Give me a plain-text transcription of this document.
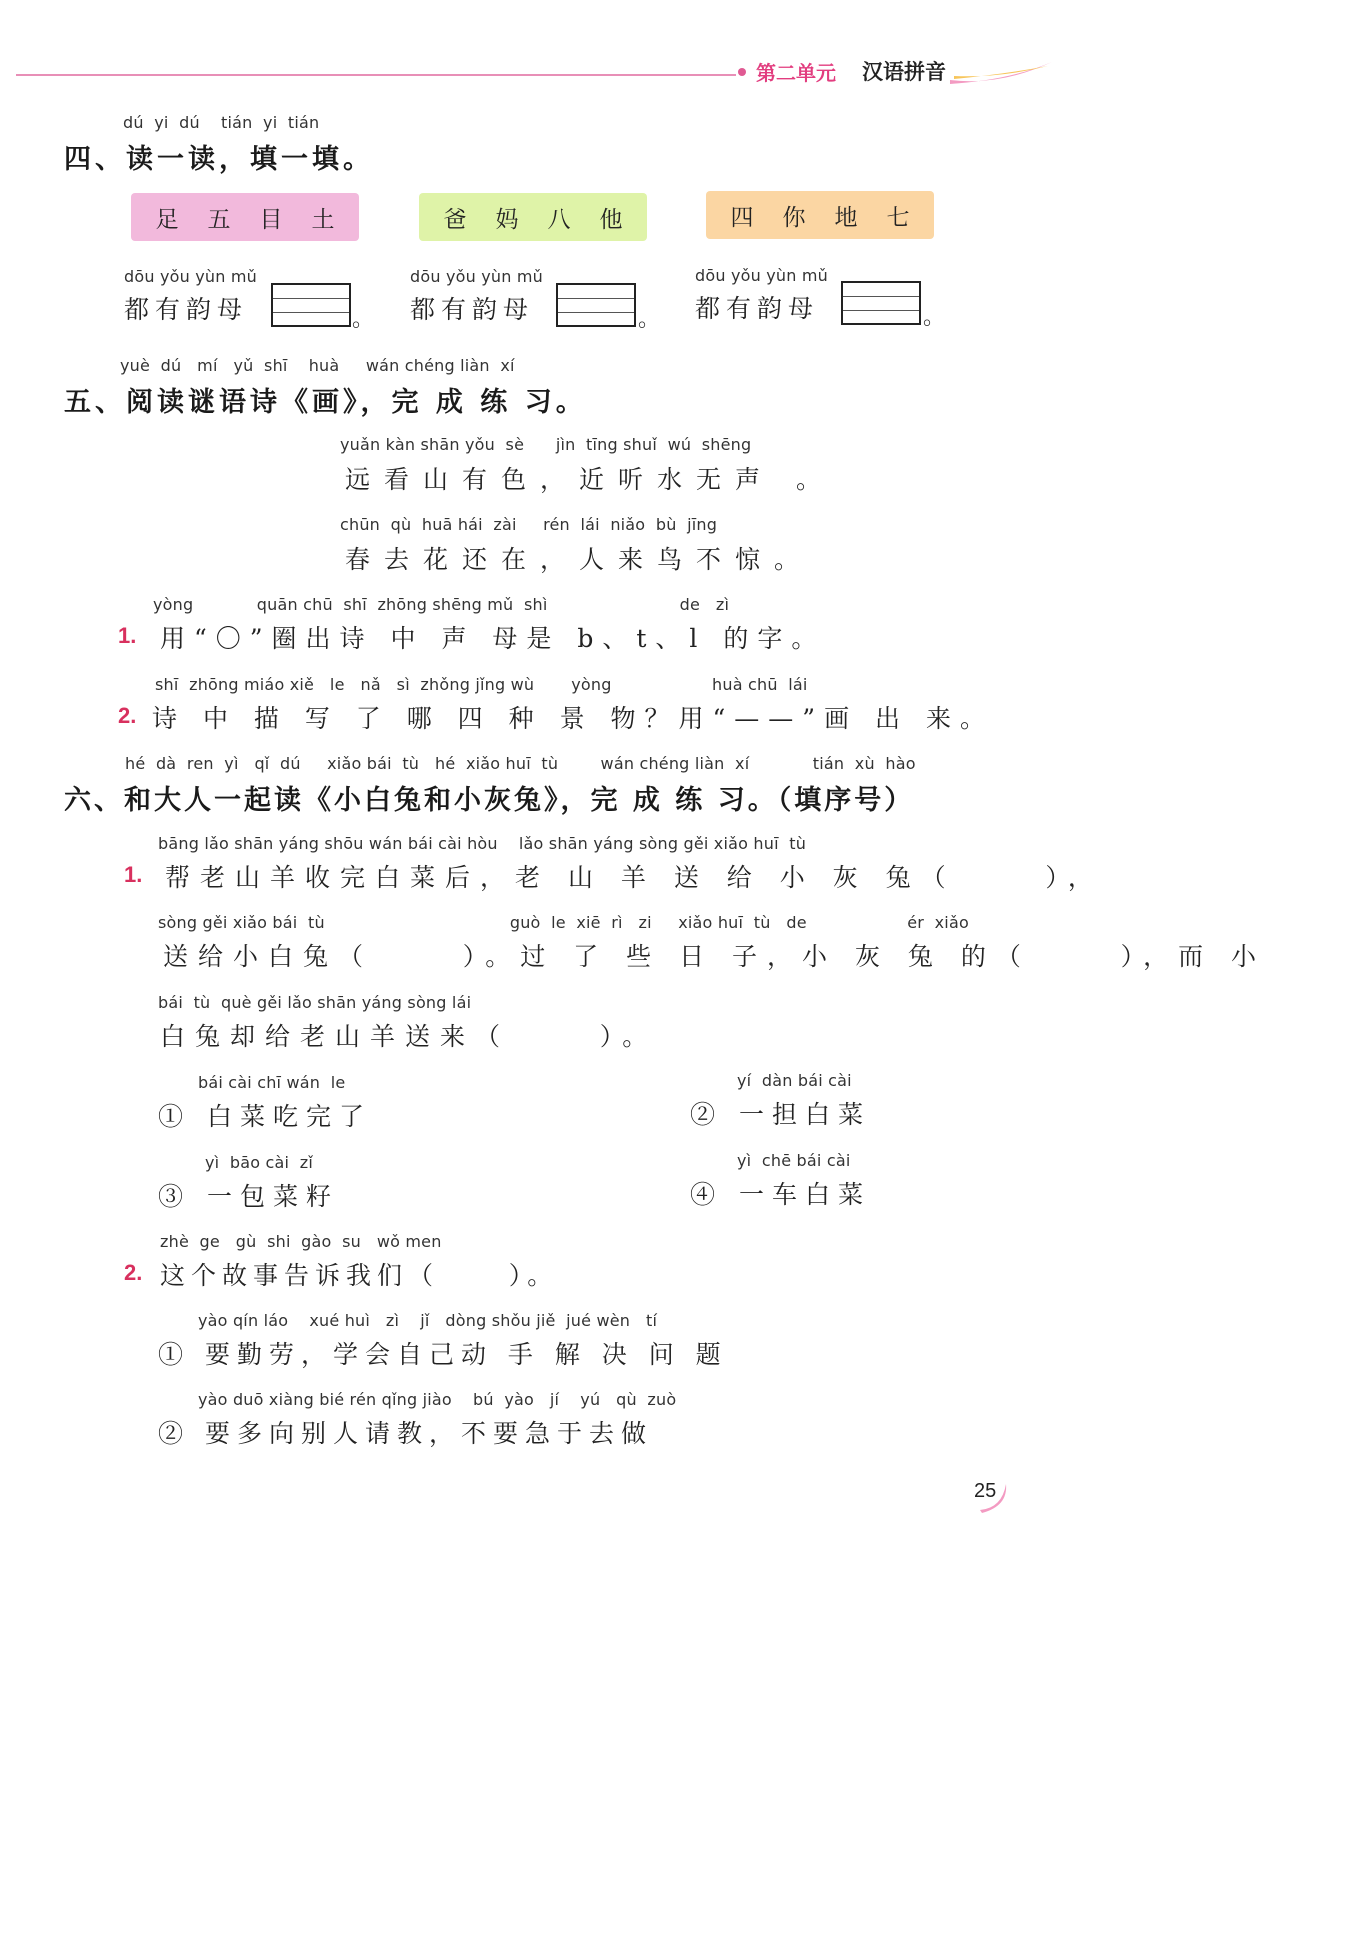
第二单元 汉语拼音
dú  yi  dú    tián  yi  tián
四、读一读，填一填。
足 五 目 土	爸 妈 八 他	四 你 地 七
dōu yǒu yùn mǔ
都有韵母	。
dōu yǒu yùn mǔ
都有韵母	。
dōu yǒu yùn mǔ
都有韵母	。
yuè  dú   mí   yǔ  shī    huà     wán chéng liàn  xí
五、阅读谜语诗《画》，完 成 练 习。
yuǎn kàn shān yǒu  sè      jìn  tīng shuǐ  wú  shēng
远看山有色，近听水无声 。
chūn  qù  huā hái  zài     rén  lái  niǎo  bù  jīng
春去花还在，人来鸟不惊。
yòng            quān chū  shī  zhōng shēng mǔ  shì                         de   zì
1. 用“〇”圈出诗 中 声 母是 b、t、l 的字。
shī  zhōng miáo xiě   le   nǎ   sì  zhǒng jǐng wù       yòng                   huà chū  lái
2. 诗 中 描 写 了 哪 四 种 景 物？用“——”画 出 来。
hé  dà  ren  yì   qǐ  dú     xiǎo bái  tù   hé  xiǎo huī  tù        wán chéng liàn  xí            tián  xù  hào
六、和大人一起读《小白兔和小灰兔》，完 成 练 习。（填序号）
bāng lǎo shān yáng shōu wán bái cài hòu    lǎo shān yáng sòng gěi xiǎo huī  tù
1. 帮老山羊收完白菜后，老 山 羊 送 给 小 灰 兔（     ），
sòng gěi xiǎo bái  tù                                   guò  le  xiē  rì   zi     xiǎo huī  tù   de                   ér  xiǎo
送给小白兔（     ）。过 了 些 日 子，小 灰 兔 的（     ），而 小
bái  tù  què gěi lǎo shān yáng sòng lái
白兔却给老山羊送来（     ）。
bái cài chī wán  le
① 白菜吃完了
yí  dàn bái cài
② 一担白菜
yì  bāo cài  zǐ
③ 一包菜籽
yì  chē bái cài
④ 一车白菜
zhè  ge   gù  shi  gào  su   wǒ men
2. 这个故事告诉我们（     ）。
yào qín láo    xué huì   zì    jǐ   dòng shǒu jiě  jué wèn   tí
① 要勤劳，学会自己动 手 解 决 问 题
yào duō xiàng bié rén qǐng jiào    bú  yào   jí    yú   qù  zuò
② 要多向别人请教，不要急于去做
25
